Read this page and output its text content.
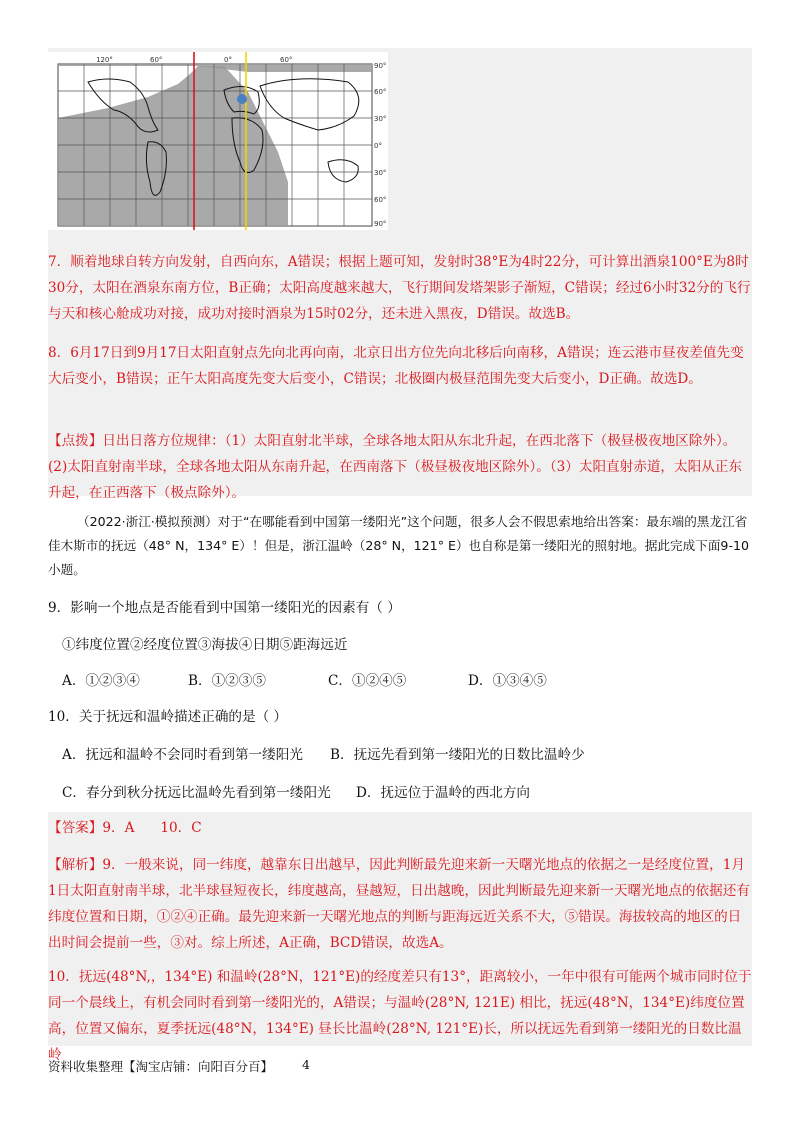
120°	60°	0°	60°
90°
60°
30°
0°
30°
60°
90°
7．顺着地球自转方向发射，自西向东，A错误；根据上题可知，发射时38°E为4时22分，可计算出酒泉100°E为8时30分，太阳在酒泉东南方位，B正确；太阳高度越来越大，飞行期间发塔架影子渐短，C错误；经过6小时32分的飞行与天和核心舱成功对接，成功对接时酒泉为15时02分，还未进入黑夜，D错误。故选B。
8．6月17日到9月17日太阳直射点先向北再向南，北京日出方位先向北移后向南移，A错误；连云港市昼夜差值先变大后变小，B错误；正午太阳高度先变大后变小，C错误；北极圈内极昼范围先变大后变小，D正确。故选D。
【点拨】日出日落方位规律：（1）太阳直射北半球，全球各地太阳从东北升起，在西北落下（极昼极夜地区除外）。(2)太阳直射南半球，全球各地太阳从东南升起，在西南落下（极昼极夜地区除外）。（3）太阳直射赤道，太阳从正东升起，在正西落下（极点除外）。
（2022·浙江·模拟预测）对于“在哪能看到中国第一缕阳光”这个问题，很多人会不假思索地给出答案：最东端的黑龙江省佳木斯市的抚远（48° N，134° E）！但是，浙江温岭（28° N，121° E）也自称是第一缕阳光的照射地。据此完成下面9-10小题。
9．影响一个地点是否能看到中国第一缕阳光的因素有（ ）
①纬度位置②经度位置③海拔④日期⑤距海远近
A．①②③④	B．①②③⑤	C．①②④⑤	D．①③④⑤
10．关于抚远和温岭描述正确的是（ ）
A．抚远和温岭不会同时看到第一缕阳光 B．抚远先看到第一缕阳光的日数比温岭少
C．春分到秋分抚远比温岭先看到第一缕阳光 D．抚远位于温岭的西北方向
【答案】9．A      10．C
【解析】9．一般来说，同一纬度，越靠东日出越早，因此判断最先迎来新一天曙光地点的依据之一是经度位置，1月1日太阳直射南半球，北半球昼短夜长，纬度越高，昼越短，日出越晚，因此判断最先迎来新一天曙光地点的依据还有纬度位置和日期，①②④正确。最先迎来新一天曙光地点的判断与距海远近关系不大，⑤错误。海拔较高的地区的日出时间会提前一些，③对。综上所述，A正确，BCD错误，故选A。
10．抚远(48°N,，134°E) 和温岭(28°N，121°E)的经度差只有13°，距离较小，一年中很有可能两个城市同时位于同一个晨线上，有机会同时看到第一缕阳光的，A错误；与温岭(28°N, 121E) 相比，抚远(48°N，134°E)纬度位置高，位置又偏东，夏季抚远(48°N，134°E) 昼长比温岭(28°N, 121°E)长，所以抚远先看到第一缕阳光的日数比温岭
资料收集整理【淘宝店铺：向阳百分百】 4
